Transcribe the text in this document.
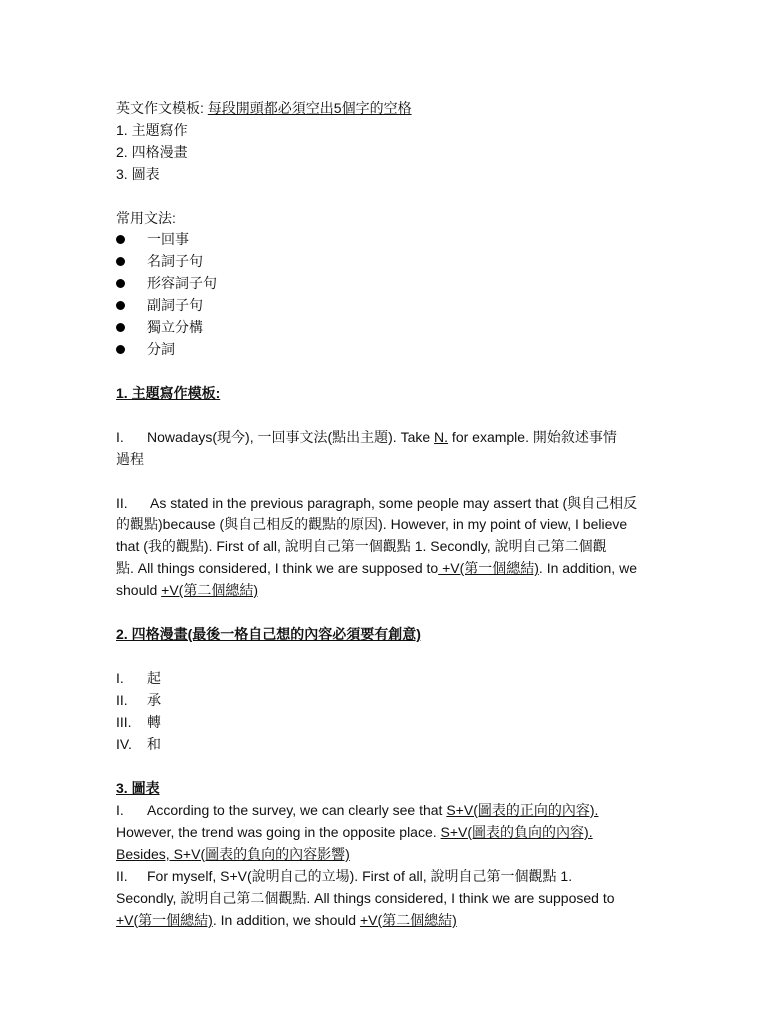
英文作文模板: 每段開頭都必須空出5個字的空格
1. 主題寫作
2. 四格漫畫
3. 圖表
常用文法:
一回事
名詞子句
形容詞子句
副詞子句
獨立分構
分詞
1. 主題寫作模板:
I. Nowadays(現今), 一回事文法(點出主題). Take N. for example. 開始敘述事情
過程
II. As stated in the previous paragraph, some people may assert that (與自己相反
的觀點)because (與自己相反的觀點的原因). However, in my point of view, I believe
that (我的觀點). First of all, 說明自己第一個觀點 1. Secondly, 說明自己第二個觀
點. All things considered, I think we are supposed to +V(第一個總結). In addition, we
should +V(第二個總結)
2. 四格漫畫(最後一格自己想的內容必須要有創意)
I. 起
II. 承
III. 轉
IV. 和
3. 圖表
I. According to the survey, we can clearly see that S+V(圖表的正向的內容).
However, the trend was going in the opposite place. S+V(圖表的負向的內容).
Besides, S+V(圖表的負向的內容影響)
II. For myself, S+V(說明自己的立場). First of all, 說明自己第一個觀點 1.
Secondly, 說明自己第二個觀點. All things considered, I think we are supposed to
+V(第一個總結). In addition, we should +V(第二個總結)
